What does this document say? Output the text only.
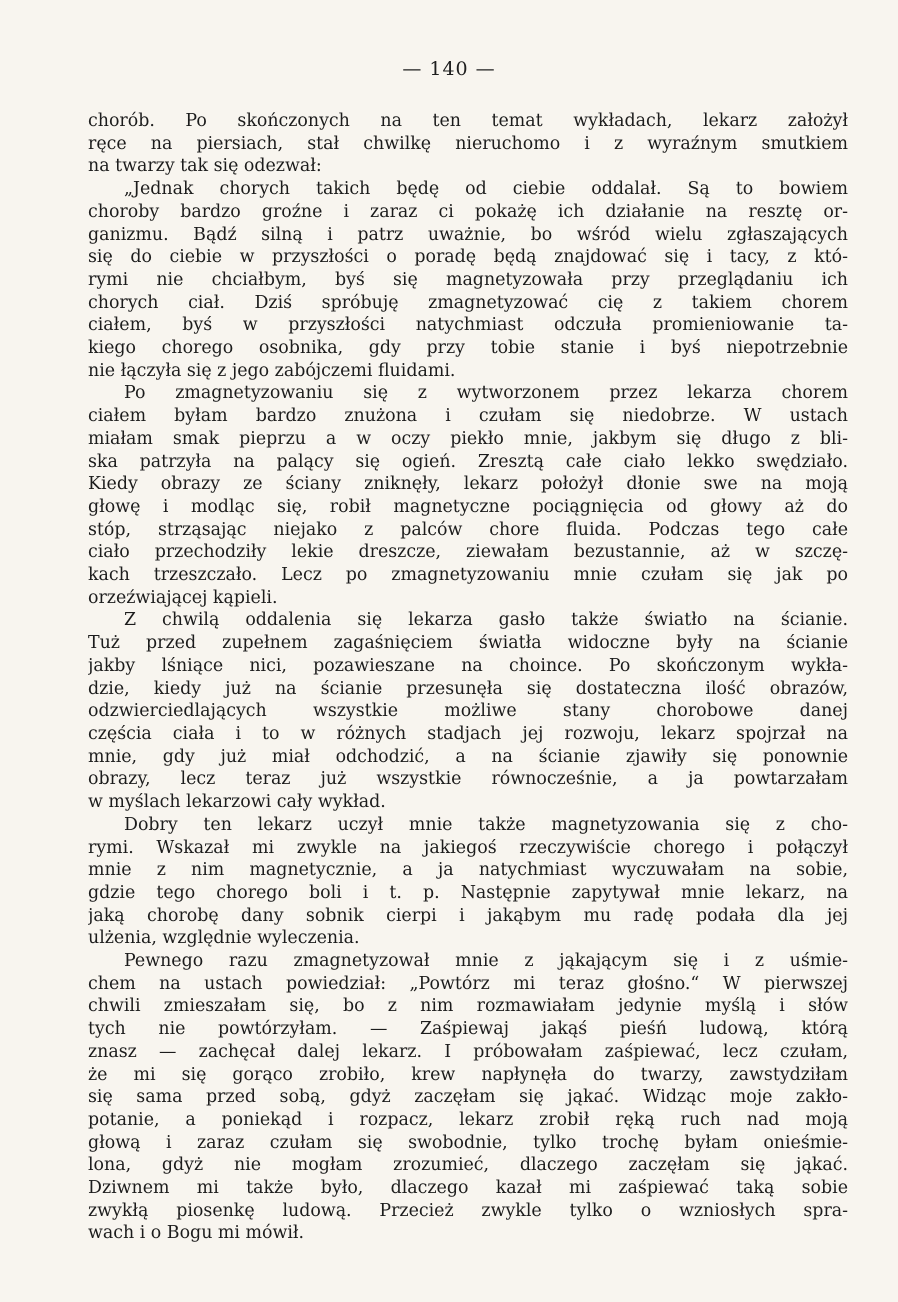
— 140 —

chorób. Po skończonych na ten temat wykładach, lekarz założył
ręce na piersiach, stał chwilkę nieruchomo i z wyraźnym smutkiem
na twarzy tak się odezwał:

„Jednak chorych takich będę od ciebie oddalał. Są to bowiem
choroby bardzo groźne i zaraz ci pokażę ich działanie na resztę or-
ganizmu. Bądź silną i patrz uważnie, bo wśród wielu zgłaszających
się do ciebie w przyszłości o poradę będą znajdować się i tacy, z któ-
rymi nie chciałbym, byś się magnetyzowała przy przeglądaniu ich
chorych ciał. Dziś spróbuję zmagnetyzować cię z takiem chorem
ciałem, byś w przyszłości natychmiast odczuła promieniowanie ta-
kiego chorego osobnika, gdy przy tobie stanie i byś niepotrzebnie
nie łączyła się z jego zabójczemi fluidami.

Po zmagnetyzowaniu się z wytworzonem przez lekarza chorem
ciałem byłam bardzo znużona i czułam się niedobrze. W ustach
miałam smak pieprzu a w oczy piekło mnie, jakbym się długo z bli-
ska patrzyła na palący się ogień. Zresztą całe ciało lekko swędziało.
Kiedy obrazy ze ściany zniknęły, lekarz położył dłonie swe na moją
głowę i modląc się, robił magnetyczne pociągnięcia od głowy aż do
stóp, strząsając niejako z palców chore fluida. Podczas tego całe
ciało przechodziły lekie dreszcze, ziewałam bezustannie, aż w szczę-
kach trzeszczało. Lecz po zmagnetyzowaniu mnie czułam się jak po
orzeźwiającej kąpieli.

Z chwilą oddalenia się lekarza gasło także światło na ścianie.
Tuż przed zupełnem zagaśnięciem światła widoczne były na ścianie
jakby lśniące nici, pozawieszane na choince. Po skończonym wykła-
dzie, kiedy już na ścianie przesunęła się dostateczna ilość obrazów,
odzwierciedlających wszystkie możliwe stany chorobowe danej
częścia ciała i to w różnych stadjach jej rozwoju, lekarz spojrzał na
mnie, gdy już miał odchodzić, a na ścianie zjawiły się ponownie
obrazy, lecz teraz już wszystkie równocześnie, a ja powtarzałam
w myślach lekarzowi cały wykład.

Dobry ten lekarz uczył mnie także magnetyzowania się z cho-
rymi. Wskazał mi zwykle na jakiegoś rzeczywiście chorego i połączył
mnie z nim magnetycznie, a ja natychmiast wyczuwałam na sobie,
gdzie tego chorego boli i t. p. Następnie zapytywał mnie lekarz, na
jaką chorobę dany sobnik cierpi i jakąbym mu radę podała dla jej
ulżenia, względnie wyleczenia.

Pewnego razu zmagnetyzował mnie z jąkającym się i z uśmie-
chem na ustach powiedział: „Powtórz mi teraz głośno.“ W pierwszej
chwili zmieszałam się, bo z nim rozmawiałam jedynie myślą i słów
tych nie powtórzyłam. — Zaśpiewaj jakąś pieśń ludową, którą
znasz — zachęcał dalej lekarz. I próbowałam zaśpiewać, lecz czułam,
że mi się gorąco zrobiło, krew napłynęła do twarzy, zawstydziłam
się sama przed sobą, gdyż zaczęłam się jąkać. Widząc moje zakło-
potanie, a poniekąd i rozpacz, lekarz zrobił ręką ruch nad moją
głową i zaraz czułam się swobodnie, tylko trochę byłam onieśmie-
lona, gdyż nie mogłam zrozumieć, dlaczego zaczęłam się jąkać.
Dziwnem mi także było, dlaczego kazał mi zaśpiewać taką sobie
zwykłą piosenkę ludową. Przecież zwykle tylko o wzniosłych spra-
wach i o Bogu mi mówił.
